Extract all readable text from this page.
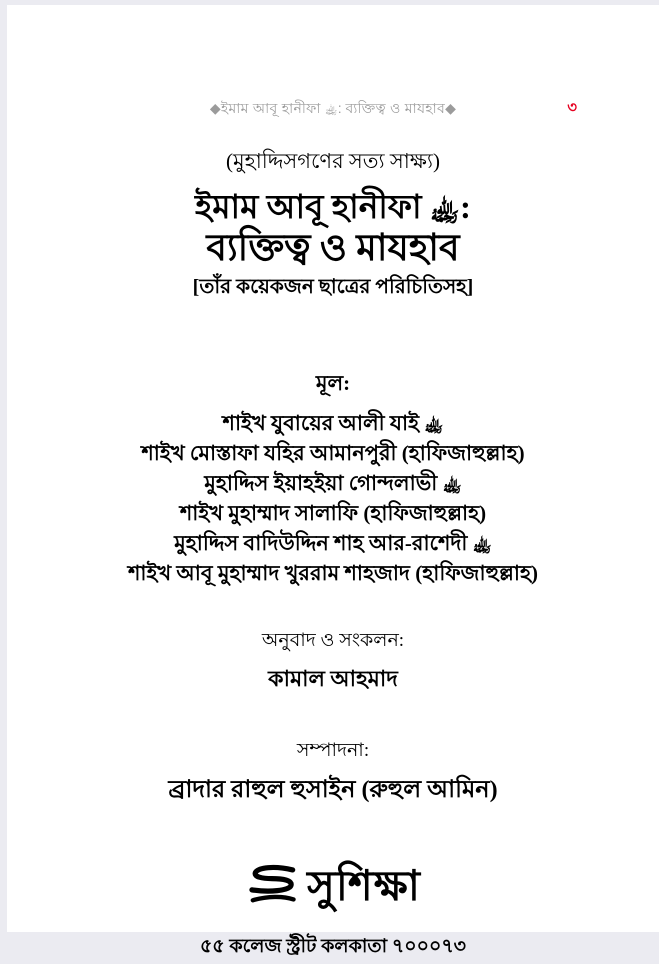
◆ইমাম আবূ হানীফা ﵀: ব্যক্তিত্ব ও মাযহাব◆	৩
(মুহাদ্দিসগণের সত্য সাক্ষ্য)
ইমাম আবূ হানীফা ﵀:
ব্যক্তিত্ব ও মাযহাব
[তাঁর কয়েকজন ছাত্রের পরিচিতিসহ]
মূল:
শাইখ যুবায়ের আলী যাই ﵀
শাইখ মোস্তাফা যহির আমানপুরী (হাফিজাহুল্লাহ)
মুহাদ্দিস ইয়াহইয়া গোন্দলাভী ﵀
শাইখ মুহাম্মাদ সালাফি (হাফিজাহুল্লাহ)
মুহাদ্দিস বাদিউদ্দিন শাহ আর-রাশেদী ﵀
শাইখ আবূ মুহাম্মাদ খুররাম শাহজাদ (হাফিজাহুল্লাহ)
অনুবাদ ও সংকলন:
কামাল আহমাদ
সম্পাদনা:
ব্রাদার রাহুল হুসাইন (রুহুল আমিন)
সুশিক্ষা
৫৫ কলেজ স্ট্রীট কলকাতা ৭০০০৭৩
